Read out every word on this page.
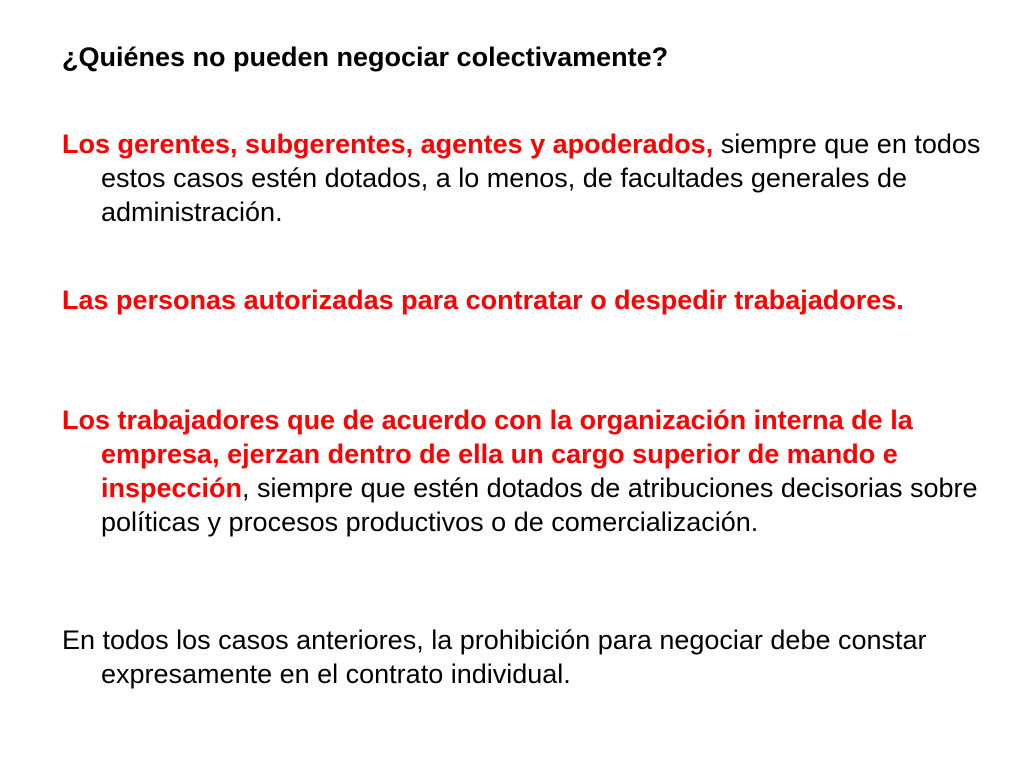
¿Quiénes no pueden negociar colectivamente?

Los gerentes, subgerentes, agentes y apoderados, siempre que en todos estos casos estén dotados, a lo menos, de facultades generales de administración.

Las personas autorizadas para contratar o despedir trabajadores.

Los trabajadores que de acuerdo con la organización interna de la empresa, ejerzan dentro de ella un cargo superior de mando e inspección, siempre que estén dotados de atribuciones decisorias sobre políticas y procesos productivos o de comercialización.

En todos los casos anteriores, la prohibición para negociar debe constar expresamente en el contrato individual.
